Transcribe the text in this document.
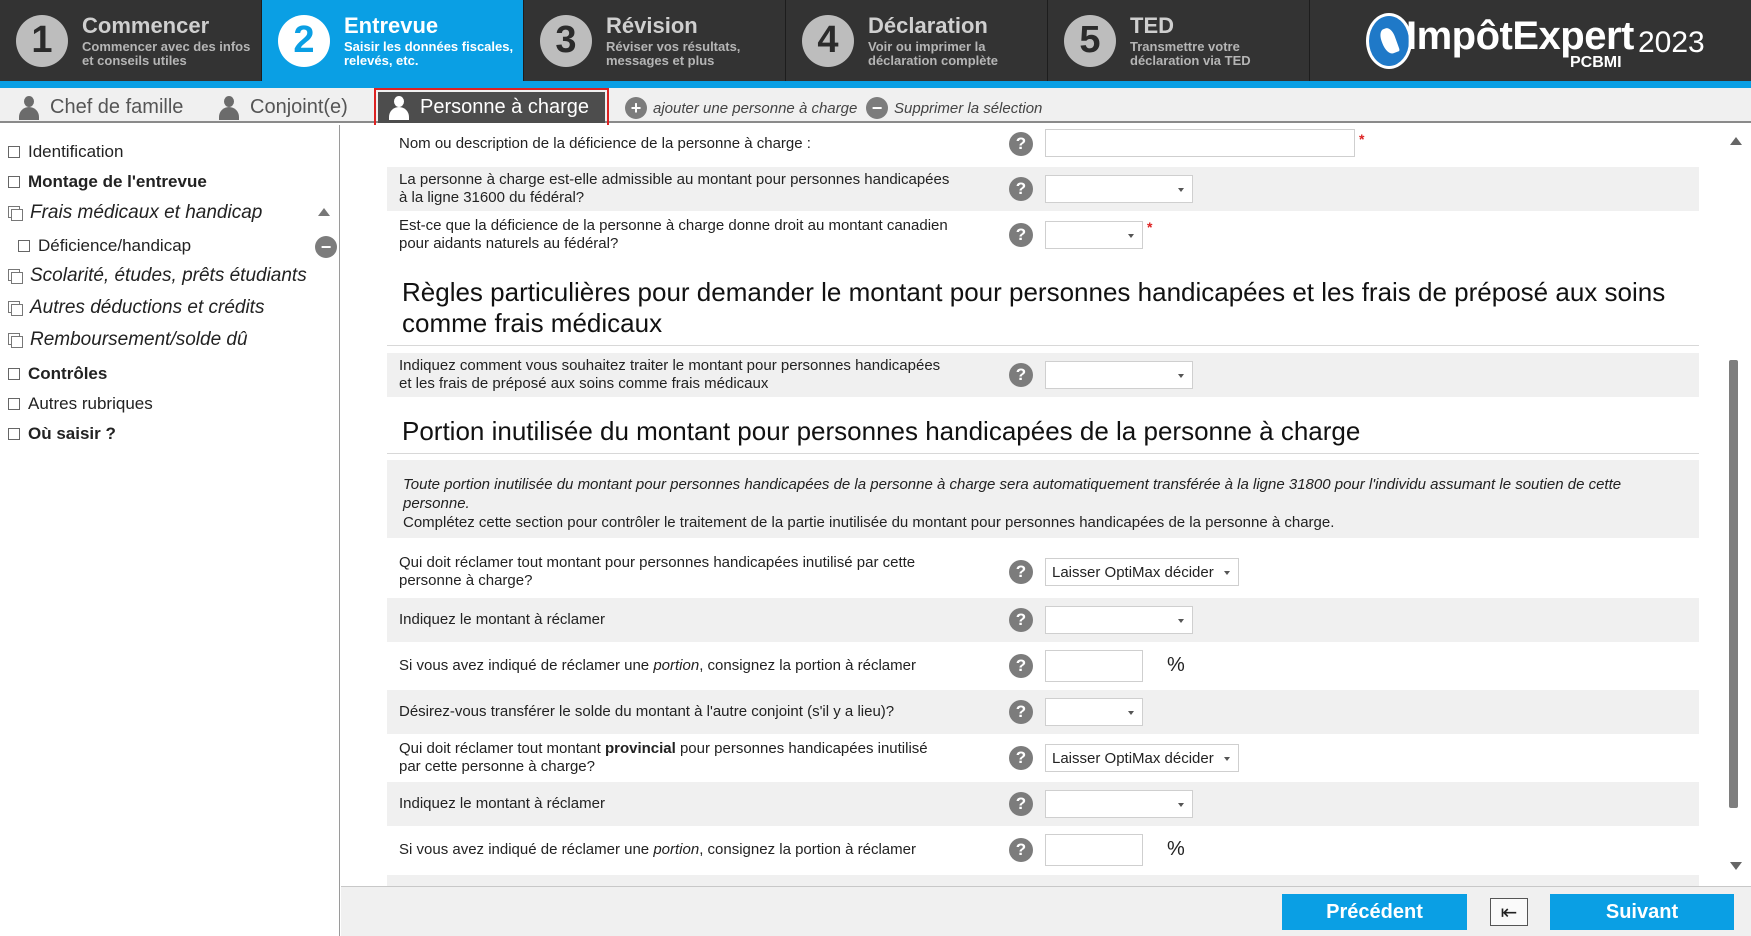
1	Commencer
Commencer avec des infos
et conseils utiles	2	Entrevue
Saisir les données fiscales,
relevés, etc.	3	Révision
Réviser vos résultats,
messages et plus	4	Déclaration
Voir ou imprimer la
déclaration complète	5	TED
Transmettre votre
déclaration via TED
ImpôtExpert 2023
PCBMI
Chef de famille	Conjoint(e)	Personne à charge	+ ajouter une personne à charge − Supprimer la sélection
Identification
Montage de l'entrevue
Frais médicaux et handicap
Déficience/handicap	−
Scolarité, études, prêts étudiants
Autres déductions et crédits
Remboursement/solde dû
Contrôles
Autres rubriques
Où saisir ?
Nom ou description de la déficience de la personne à charge :	?	*
La personne à charge est-elle admissible au montant pour personnes handicapées
à la ligne 31600 du fédéral?	?
Est-ce que la déficience de la personne à charge donne droit au montant canadien
pour aidants naturels au fédéral?	?	*
Règles particulières pour demander le montant pour personnes handicapées et les frais de préposé aux soins comme frais médicaux
Indiquez comment vous souhaitez traiter le montant pour personnes handicapées
et les frais de préposé aux soins comme frais médicaux	?
Portion inutilisée du montant pour personnes handicapées de la personne à charge
Toute portion inutilisée du montant pour personnes handicapées de la personne à charge sera automatiquement transférée à la ligne 31800 pour l'individu assumant le soutien de cette personne.
Complétez cette section pour contrôler le traitement de la partie inutilisée du montant pour personnes handicapées de la personne à charge.
Qui doit réclamer tout montant pour personnes handicapées inutilisé par cette
personne à charge?	?	Laisser OptiMax décider
Indiquez le montant à réclamer	?
Si vous avez indiqué de réclamer une portion, consignez la portion à réclamer	?	%
Désirez-vous transférer le solde du montant à l'autre conjoint (s'il y a lieu)?	?
Qui doit réclamer tout montant provincial pour personnes handicapées inutilisé
par cette personne à charge?	?	Laisser OptiMax décider
Indiquez le montant à réclamer	?
Si vous avez indiqué de réclamer une portion, consignez la portion à réclamer	?	%
Précédent	⇤	Suivant
